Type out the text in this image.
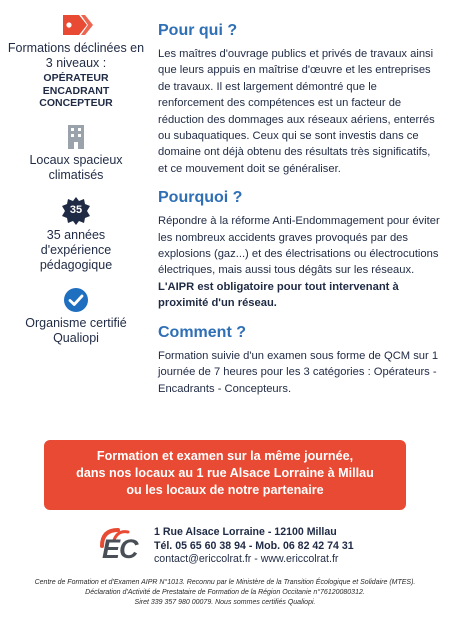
Formations déclinées en 3 niveaux :
OPÉRATEUR
ENCADRANT
CONCEPTEUR
Locaux spacieux climatisés
35
35 années d'expérience pédagogique
Organisme certifié Qualiopi
Pour qui ?

Les maîtres d'ouvrage publics et privés de travaux ainsi que leurs appuis en maîtrise d'œuvre et les entreprises de travaux. Il est largement démontré que le renforcement des compétences est un facteur de réduction des dommages aux réseaux aériens, enterrés ou subaquatiques. Ceux qui se sont investis dans ce domaine ont déjà obtenu des résultats très significatifs, et ce mouvement doit se généraliser.

Pourquoi ?

Répondre à la réforme Anti-Endommagement pour éviter les nombreux accidents graves provoqués par des explosions (gaz...) et des électrisations ou électrocutions électriques, mais aussi tous dégâts sur les réseaux.

L'AIPR est obligatoire pour tout intervenant à proximité d'un réseau.

Comment ?

Formation suivie d'un examen sous forme de QCM sur 1 journée de 7 heures pour les 3 catégories : Opérateurs - Encadrants - Concepteurs.

Formation et examen sur la même journée,
dans nos locaux au 1 rue Alsace Lorraine à Millau
ou les locaux de notre partenaire
EC
1 Rue Alsace Lorraine - 12100 Millau
Tél. 05 65 60 38 94 - Mob. 06 82 42 74 31
contact@ericcolrat.fr - www.ericcolrat.fr
Centre de Formation et d'Examen AIPR N°1013. Reconnu par le Ministère de la Transition Écologique et Solidaire (MTES).
Déclaration d'Activité de Prestataire de Formation de la Région Occitanie n°76120080312.
Siret 339 357 980 00079. Nous sommes certifiés Qualiopi.
